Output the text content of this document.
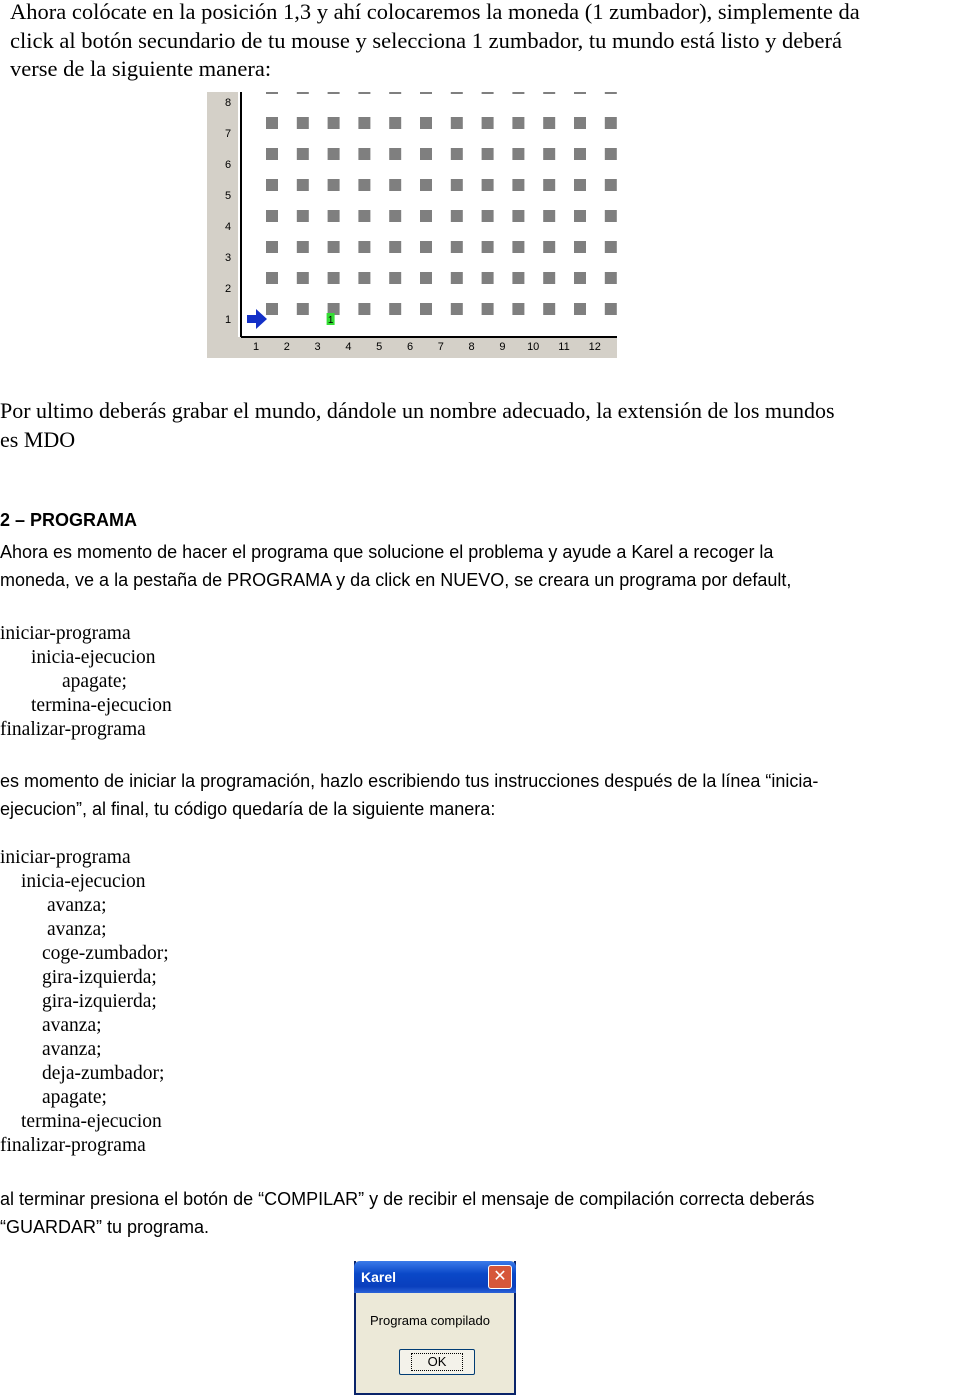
Ahora colócate en la posición 1,3 y ahí colocaremos la moneda (1 zumbador), simplemente da
click al botón secundario de tu mouse y selecciona 1 zumbador, tu mundo está listo y deberá
verse de la siguiente manera:
8
7
6
5
4
3
2
1
1 2 3 4 5 6 7 8 9 10 11 12
1
Por ultimo deberás grabar el mundo, dándole un nombre adecuado, la extensión de los mundos
es MDO
2 – PROGRAMA
Ahora es momento de hacer el programa que solucione el problema y ayude a Karel a recoger la
moneda, ve a la pestaña de PROGRAMA y da click en NUEVO, se creara un programa por default,
iniciar-programa
inicia-ejecucion
apagate;
termina-ejecucion
finalizar-programa
es momento de iniciar la programación, hazlo escribiendo tus instrucciones después de la línea “inicia-
ejecucion”, al final, tu código quedaría de la siguiente manera:
iniciar-programa
inicia-ejecucion
avanza;
avanza;
coge-zumbador;
gira-izquierda;
gira-izquierda;
avanza;
avanza;
deja-zumbador;
apagate;
termina-ejecucion
finalizar-programa
al terminar presiona el botón de “COMPILAR” y de recibir el mensaje de compilación correcta deberás
“GUARDAR” tu programa.
Karel	✕
Programa compilado
OK
